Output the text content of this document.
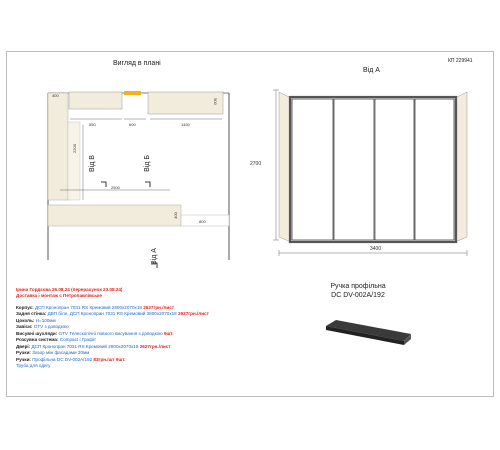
Вигляд в плані
400
550	600	1450
500
2200
2500
400
800
Від В	Від Б
Від А
Від А
КП 229941
2700
3400
Ручка профільна
DC DV-002A/192
Ірина Гордєєва 26.08.24 (перерахунок 23.08.24)
Доставка і монтаж с Петропавлівське
Корпус: ДСП Кронопран 7031 RS Кремовий 2800x2070x18 2627грн./лист
Задня стінка: ДВП біле, ДСП Кронопран 7031 RS Кремовий 2800x2070x18 2627грн./лист
Цоколь: H=100мм
Завіси: GTV з доводкою
Висувні шухляди: GTV Телескопічні повного висування з доводкою 9шт.
Розсувна система: Compact і Графіт
Двері: ДСП Кронопран 7031 RS Кремовий 2800x2070x18 2627грн./лист
Ручки: Зазор між фасадами 30мм
Ручки: Профільна DC DV-002A/192 83грн./шт 9шт.
Труба для одягу
